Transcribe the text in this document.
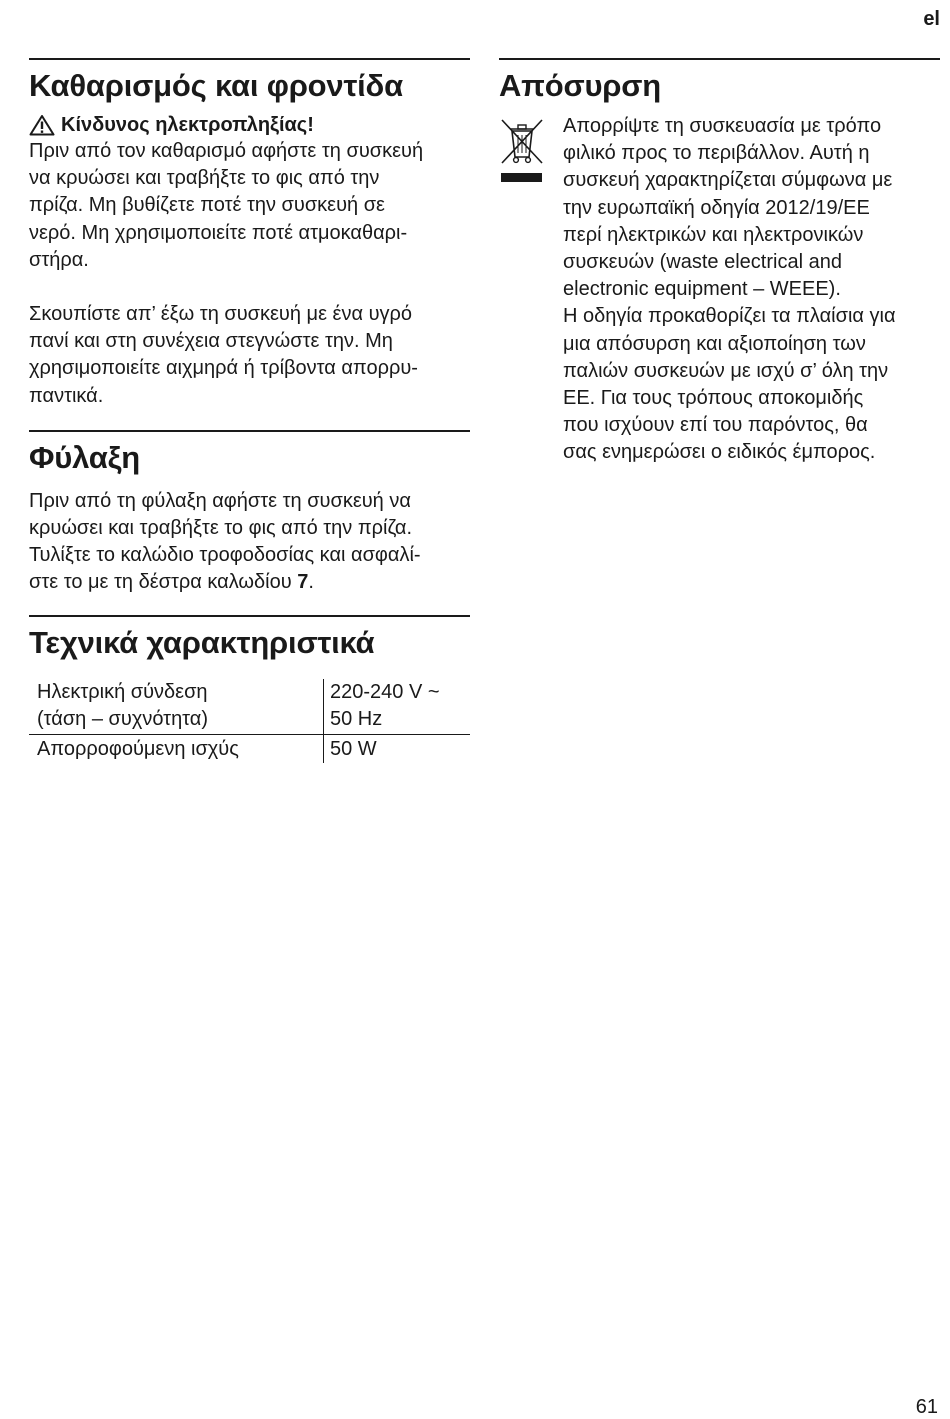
el
Καθαρισμός και φροντίδα
Κίνδυνος ηλεκτροπληξίας!

Πριν από τον καθαρισμό αφήστε τη συσκευή
να κρυώσει και τραβήξτε το φις από την
πρίζα. Μη βυθίζετε ποτέ την συσκευή σε
νερό. Μη χρησιμοποιείτε ποτέ ατμοκαθαρι-
στήρα.

Σκουπίστε απ’ έξω τη συσκευή με ένα υγρό
πανί και στη συνέχεια στεγνώστε την. Μη
χρησιμοποιείτε αιχμηρά ή τρίβοντα απορρυ-
παντικά.

Φύλαξη

Πριν από τη φύλαξη αφήστε τη συσκευή να
κρυώσει και τραβήξτε το φις από την πρίζα.
Τυλίξτε το καλώδιο τροφοδοσίας και ασφαλί-
στε το με τη δέστρα καλωδίου 7.

Τεχνικά χαρακτηριστικά
Ηλεκτρική σύνδεση
(τάση – συχνότητα)	220-240 V ~
50 Hz
Απορροφούμενη ισχύς	50 W
Απόσυρση

Απορρίψτε τη συσκευασία με τρόπο
φιλικό προς το περιβάλλον. Αυτή η
συσκευή χαρακτηρίζεται σύμφωνα με
την ευρωπαϊκή οδηγία 2012/19/EE
περί ηλεκτρικών και ηλεκτρονικών
συσκευών (waste electrical and
electronic equipment – WEEE).
Η οδηγία προκαθορίζει τα πλαίσια για
μια απόσυρση και αξιοποίηση των
παλιών συσκευών με ισχύ σ’ όλη την
ΕΕ. Για τους τρόπους αποκομιδής
που ισχύουν επί του παρόντος, θα
σας ενημερώσει ο ειδικός έμπορος.

61
